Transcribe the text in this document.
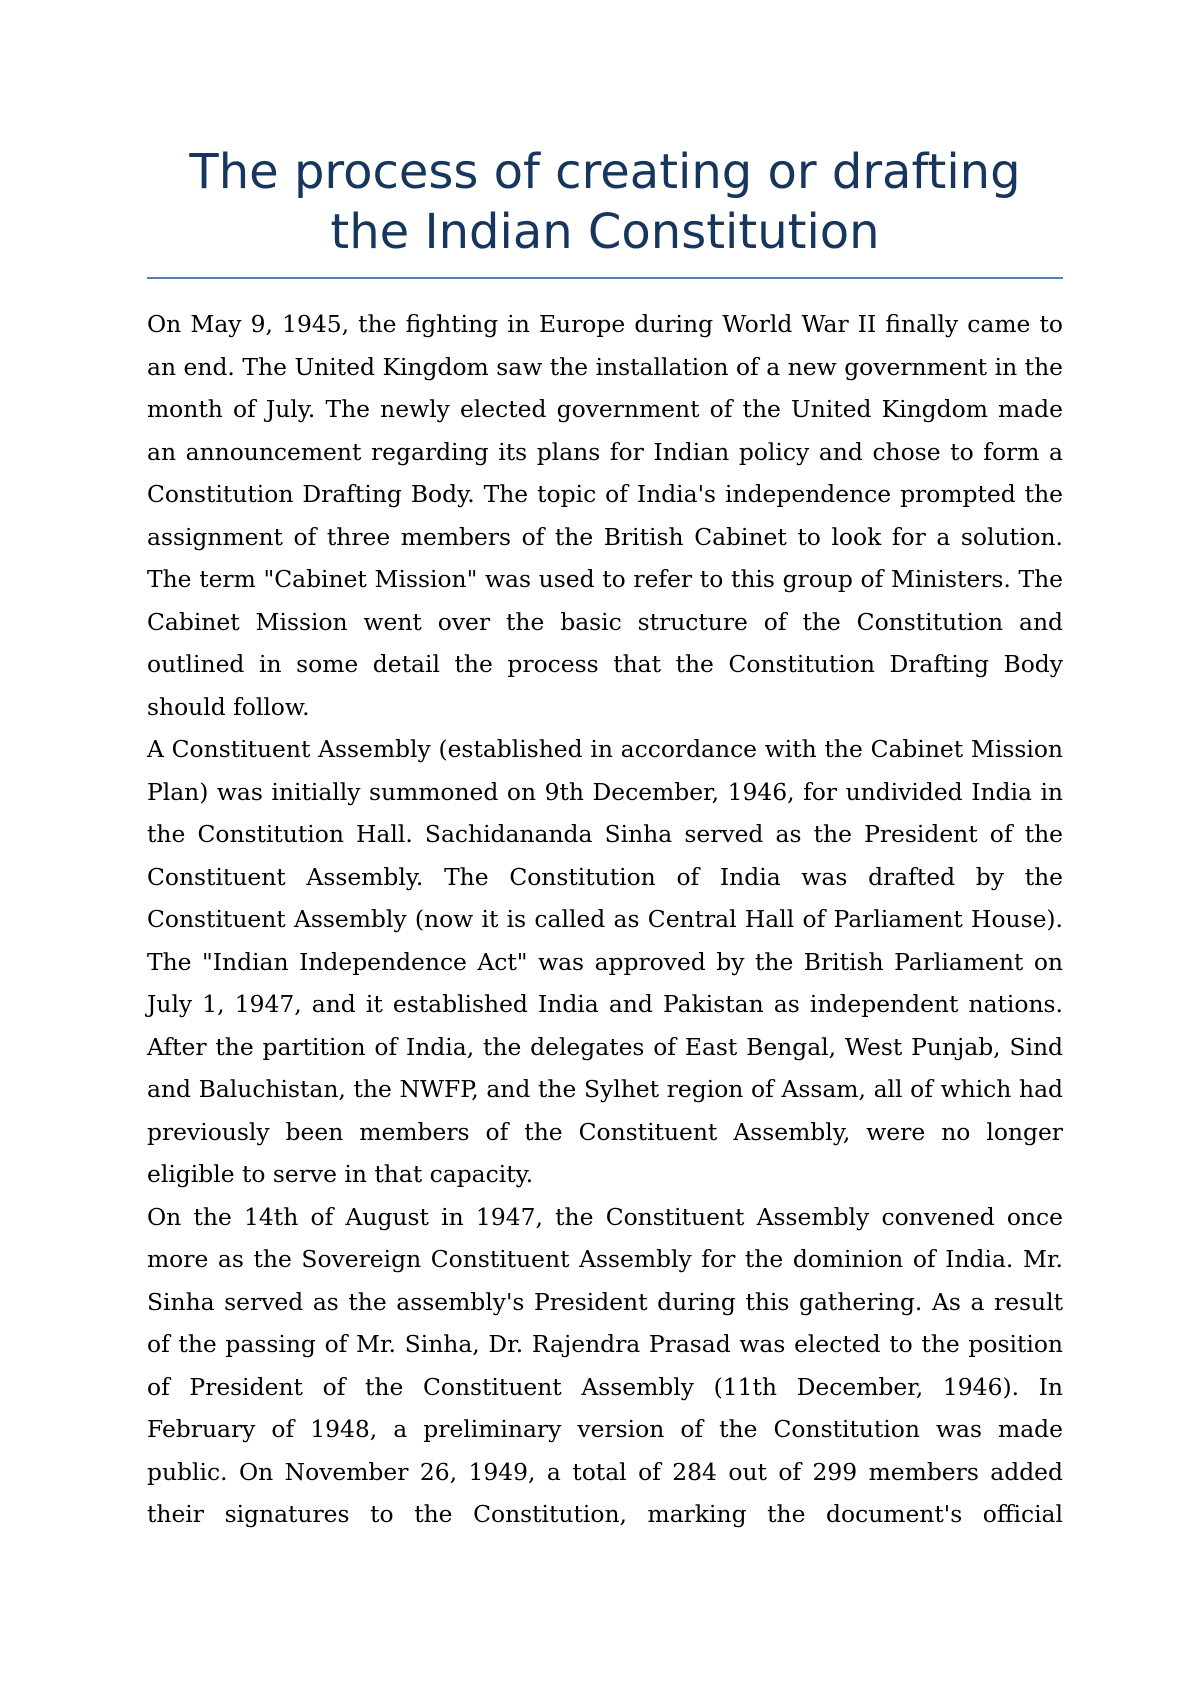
The process of creating or drafting the Indian Constitution

On May 9, 1945, the fighting in Europe during World War II finally came to an end. The United Kingdom saw the installation of a new government in the month of July. The newly elected government of the United Kingdom made an announcement regarding its plans for Indian policy and chose to form a Constitution Drafting Body. The topic of India's independence prompted the assignment of three members of the British Cabinet to look for a solution. The term "Cabinet Mission" was used to refer to this group of Ministers. The Cabinet Mission went over the basic structure of the Constitution and outlined in some detail the process that the Constitution Drafting Body should follow.

A Constituent Assembly (established in accordance with the Cabinet Mission Plan) was initially summoned on 9th December, 1946, for undivided India in the Constitution Hall. Sachidananda Sinha served as the President of the Constituent Assembly. The Constitution of India was drafted by the Constituent Assembly (now it is called as Central Hall of Parliament House). The "Indian Independence Act" was approved by the British Parliament on July 1, 1947, and it established India and Pakistan as independent nations. After the partition of India, the delegates of East Bengal, West Punjab, Sind and Baluchistan, the NWFP, and the Sylhet region of Assam, all of which had previously been members of the Constituent Assembly, were no longer eligible to serve in that capacity.

On the 14th of August in 1947, the Constituent Assembly convened once more as the Sovereign Constituent Assembly for the dominion of India. Mr. Sinha served as the assembly's President during this gathering. As a result of the passing of Mr. Sinha, Dr. Rajendra Prasad was elected to the position of President of the Constituent Assembly (11th December, 1946). In February of 1948, a preliminary version of the Constitution was made public. On November 26, 1949, a total of 284 out of 299 members added their signatures to the Constitution, marking the document's official
